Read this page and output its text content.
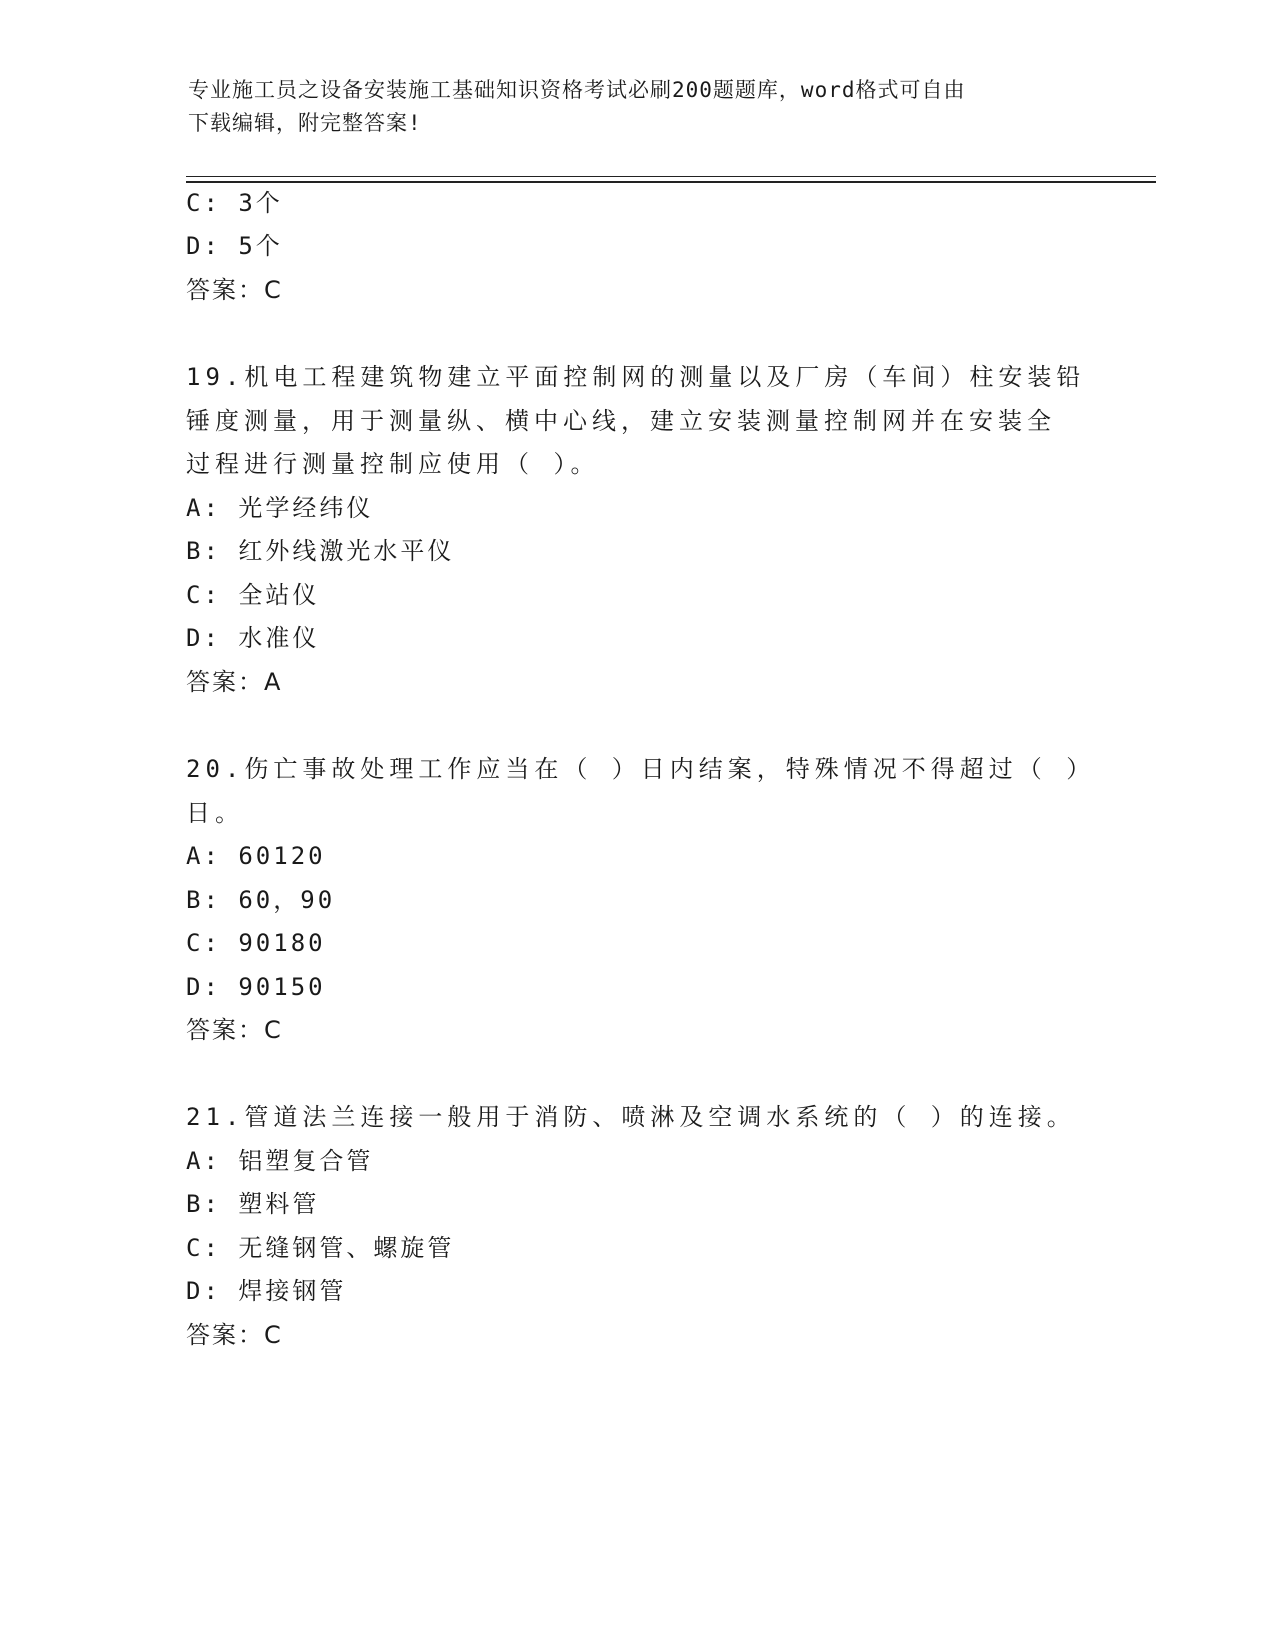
专业施工员之设备安装施工基础知识资格考试必刷200题题库，word格式可自由
下载编辑，附完整答案!
C: 3个
D: 5个
答案：C
19.机电工程建筑物建立平面控制网的测量以及厂房（车间）柱安装铅
锤度测量，用于测量纵、横中心线，建立安装测量控制网并在安装全
过程进行测量控制应使用（ ）。
A: 光学经纬仪
B: 红外线激光水平仪
C: 全站仪
D: 水准仪
答案：A
20.伤亡事故处理工作应当在（ ）日内结案，特殊情况不得超过（ ）
日。
A: 60120
B: 60，90
C: 90180
D: 90150
答案：C
21.管道法兰连接一般用于消防、喷淋及空调水系统的（ ）的连接。
A: 铝塑复合管
B: 塑料管
C: 无缝钢管、螺旋管
D: 焊接钢管
答案：C
